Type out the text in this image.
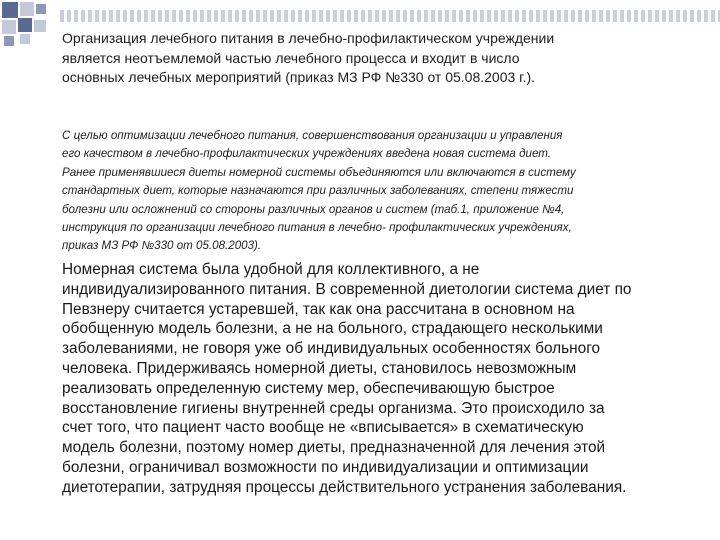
Организация лечебного питания в лечебно-профилактическом учреждении
является неотъемлемой частью лечебного процесса и входит в число
основных лечебных мероприятий (приказ МЗ РФ №330 от 05.08.2003 г.).

С целью оптимизации лечебного питания, совершенствования организации и управления
его качеством в лечебно-профилактических учреждениях введена новая система диет.
Ранее применявшиеся диеты номерной системы объединяются или включаются в систему
стандартных диет, которые назначаются при различных заболеваниях, степени тяжести
болезни или осложнений со стороны различных органов и систем (таб.1, приложение №4,
инструкция по организации лечебного питания в лечебно- профилактических учреждениях,
приказ МЗ РФ №330 от 05.08.2003).

Номерная система была удобной для коллективного, а не
индивидуализированного питания. В современной диетологии система диет по
Певзнеру считается устаревшей, так как она рассчитана в основном на
обобщенную модель болезни, а не на больного, страдающего несколькими
заболеваниями, не говоря уже об индивидуальных особенностях больного
человека. Придерживаясь номерной диеты, становилось невозможным
реализовать определенную систему мер, обеспечивающую быстрое
восстановление гигиены внутренней среды организма. Это происходило за
счет того, что пациент часто вообще не «вписывается» в схематическую
модель болезни, поэтому номер диеты, предназначенной для лечения этой
болезни, ограничивал возможности по индивидуализации и оптимизации
диетотерапии, затрудняя процессы действительного устранения заболевания.
